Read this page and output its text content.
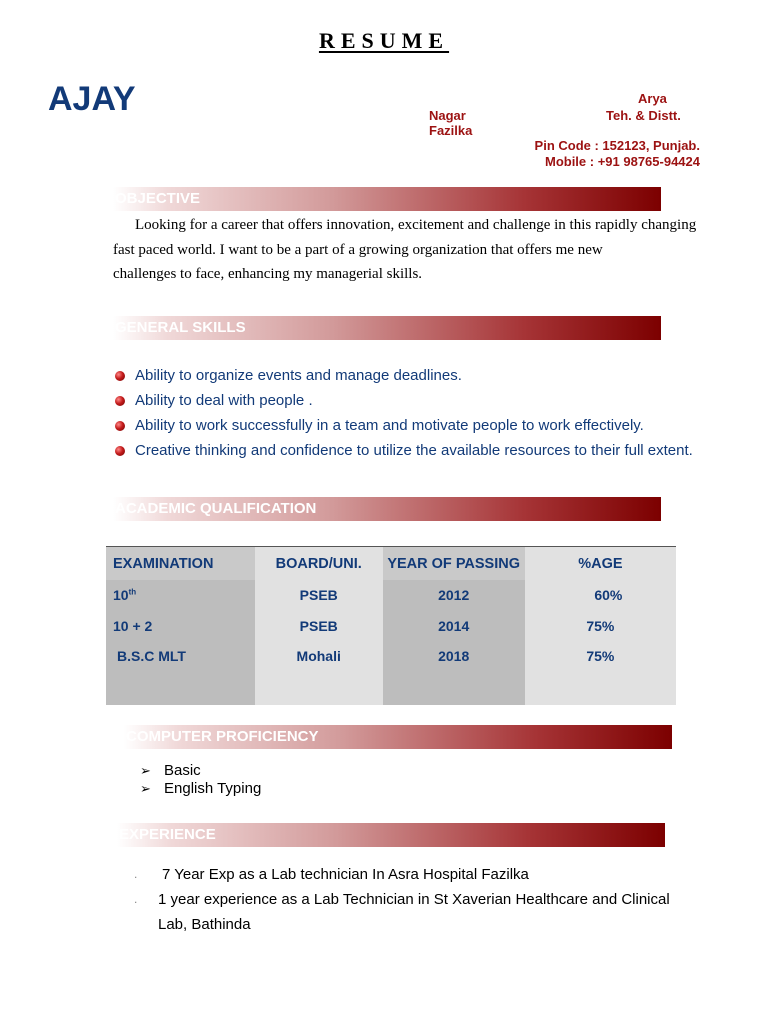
RESUME
AJAY	Arya
Nagar	Teh. & Distt.
Fazilka
Pin Code : 152123, Punjab.
Mobile : +91 98765-94424
OBJECTIVE
Looking for a career that offers innovation, excitement and challenge in this rapidly changing
fast paced world. I want to be a part of a growing organization that offers me new
challenges to face, enhancing my managerial skills.
GENERAL SKILLS
Ability to organize events and manage deadlines.
Ability to deal with people .
Ability to work successfully in a team and motivate people to work effectively.
Creative thinking and confidence to utilize the available resources to their full extent.
ACADEMIC QUALIFICATION
EXAMINATION	BOARD/UNI.	YEAR OF PASSING	%AGE
10th	PSEB	2012	60%
10 + 2	PSEB	2014	75%
B.S.C MLT	Mohali	2018	75%

COMPUTER PROFICIENCY
➢ Basic
➢ English Typing
EXPERIENCE
. 7 Year Exp as a Lab technician In Asra Hospital Fazilka
. 1 year experience as a Lab Technician in St Xaverian Healthcare and Clinical Lab, Bathinda
